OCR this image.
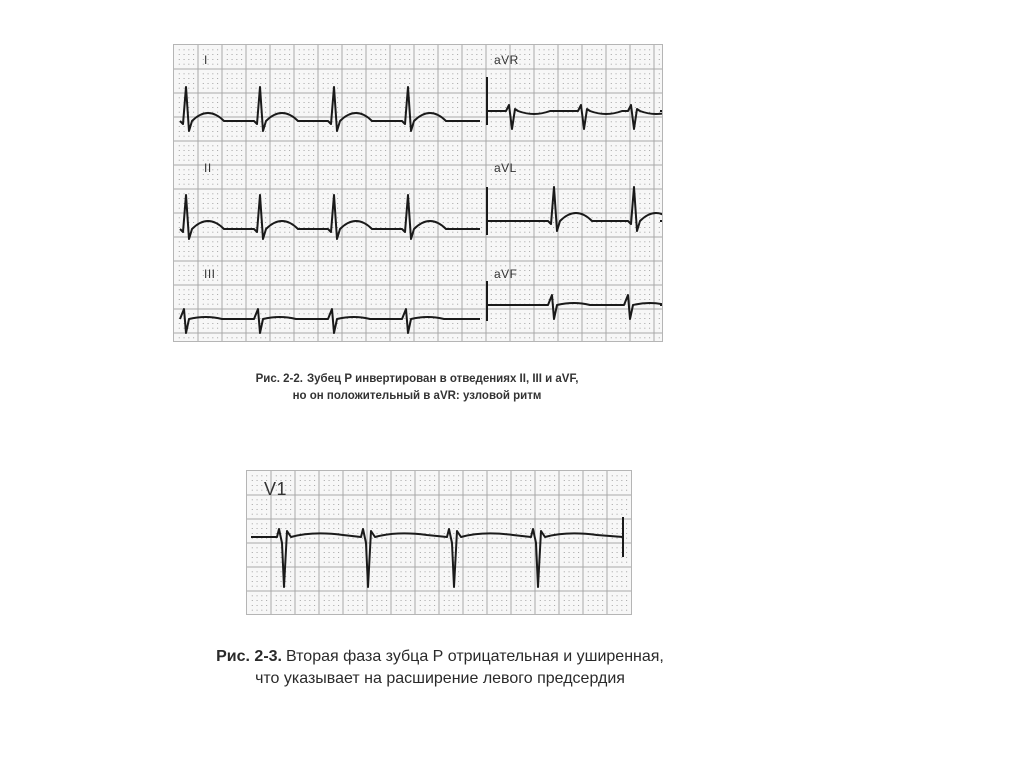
I	aVR
II	aVL
III	aVF
Рис. 2-2. Зубец Р инвертирован в отведениях II, III и aVF,
но он положительный в aVR: узловой ритм
V1
Рис. 2-3. Вторая фаза зубца Р отрицательная и уширенная,
что указывает на расширение левого предсердия
